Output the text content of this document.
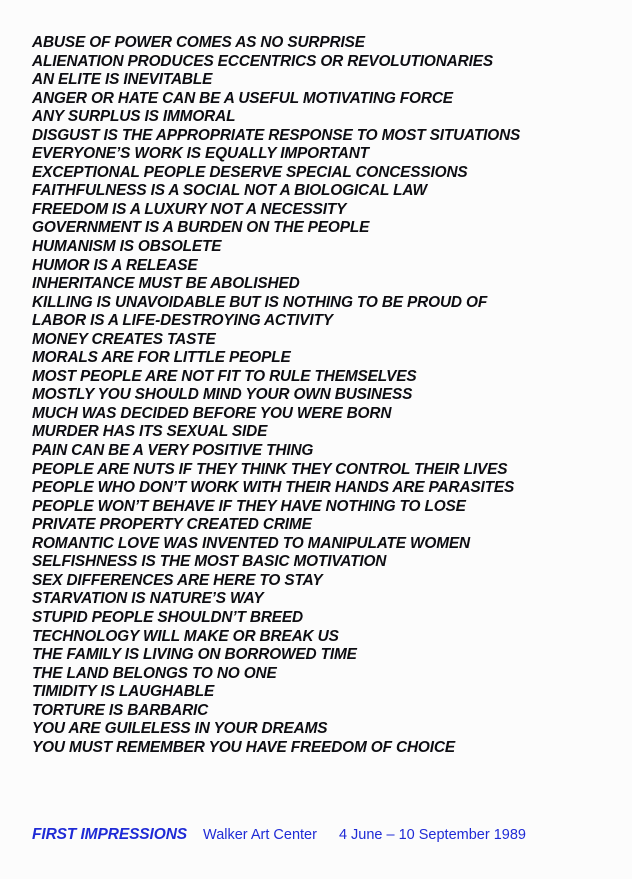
ABUSE OF POWER COMES AS NO SURPRISE
ALIENATION PRODUCES ECCENTRICS OR REVOLUTIONARIES
AN ELITE IS INEVITABLE
ANGER OR HATE CAN BE A USEFUL MOTIVATING FORCE
ANY SURPLUS IS IMMORAL
DISGUST IS THE APPROPRIATE RESPONSE TO MOST SITUATIONS
EVERYONE’S WORK IS EQUALLY IMPORTANT
EXCEPTIONAL PEOPLE DESERVE SPECIAL CONCESSIONS
FAITHFULNESS IS A SOCIAL NOT A BIOLOGICAL LAW
FREEDOM IS A LUXURY NOT A NECESSITY
GOVERNMENT IS A BURDEN ON THE PEOPLE
HUMANISM IS OBSOLETE
HUMOR IS A RELEASE
INHERITANCE MUST BE ABOLISHED
KILLING IS UNAVOIDABLE BUT IS NOTHING TO BE PROUD OF
LABOR IS A LIFE-DESTROYING ACTIVITY
MONEY CREATES TASTE
MORALS ARE FOR LITTLE PEOPLE
MOST PEOPLE ARE NOT FIT TO RULE THEMSELVES
MOSTLY YOU SHOULD MIND YOUR OWN BUSINESS
MUCH WAS DECIDED BEFORE YOU WERE BORN
MURDER HAS ITS SEXUAL SIDE
PAIN CAN BE A VERY POSITIVE THING
PEOPLE ARE NUTS IF THEY THINK THEY CONTROL THEIR LIVES
PEOPLE WHO DON’T WORK WITH THEIR HANDS ARE PARASITES
PEOPLE WON’T BEHAVE IF THEY HAVE NOTHING TO LOSE
PRIVATE PROPERTY CREATED CRIME
ROMANTIC LOVE WAS INVENTED TO MANIPULATE WOMEN
SELFISHNESS IS THE MOST BASIC MOTIVATION
SEX DIFFERENCES ARE HERE TO STAY
STARVATION IS NATURE’S WAY
STUPID PEOPLE SHOULDN’T BREED
TECHNOLOGY WILL MAKE OR BREAK US
THE FAMILY IS LIVING ON BORROWED TIME
THE LAND BELONGS TO NO ONE
TIMIDITY IS LAUGHABLE
TORTURE IS BARBARIC
YOU ARE GUILELESS IN YOUR DREAMS
YOU MUST REMEMBER YOU HAVE FREEDOM OF CHOICE
FIRST IMPRESSIONS Walker Art Center 4 June – 10 September 1989
